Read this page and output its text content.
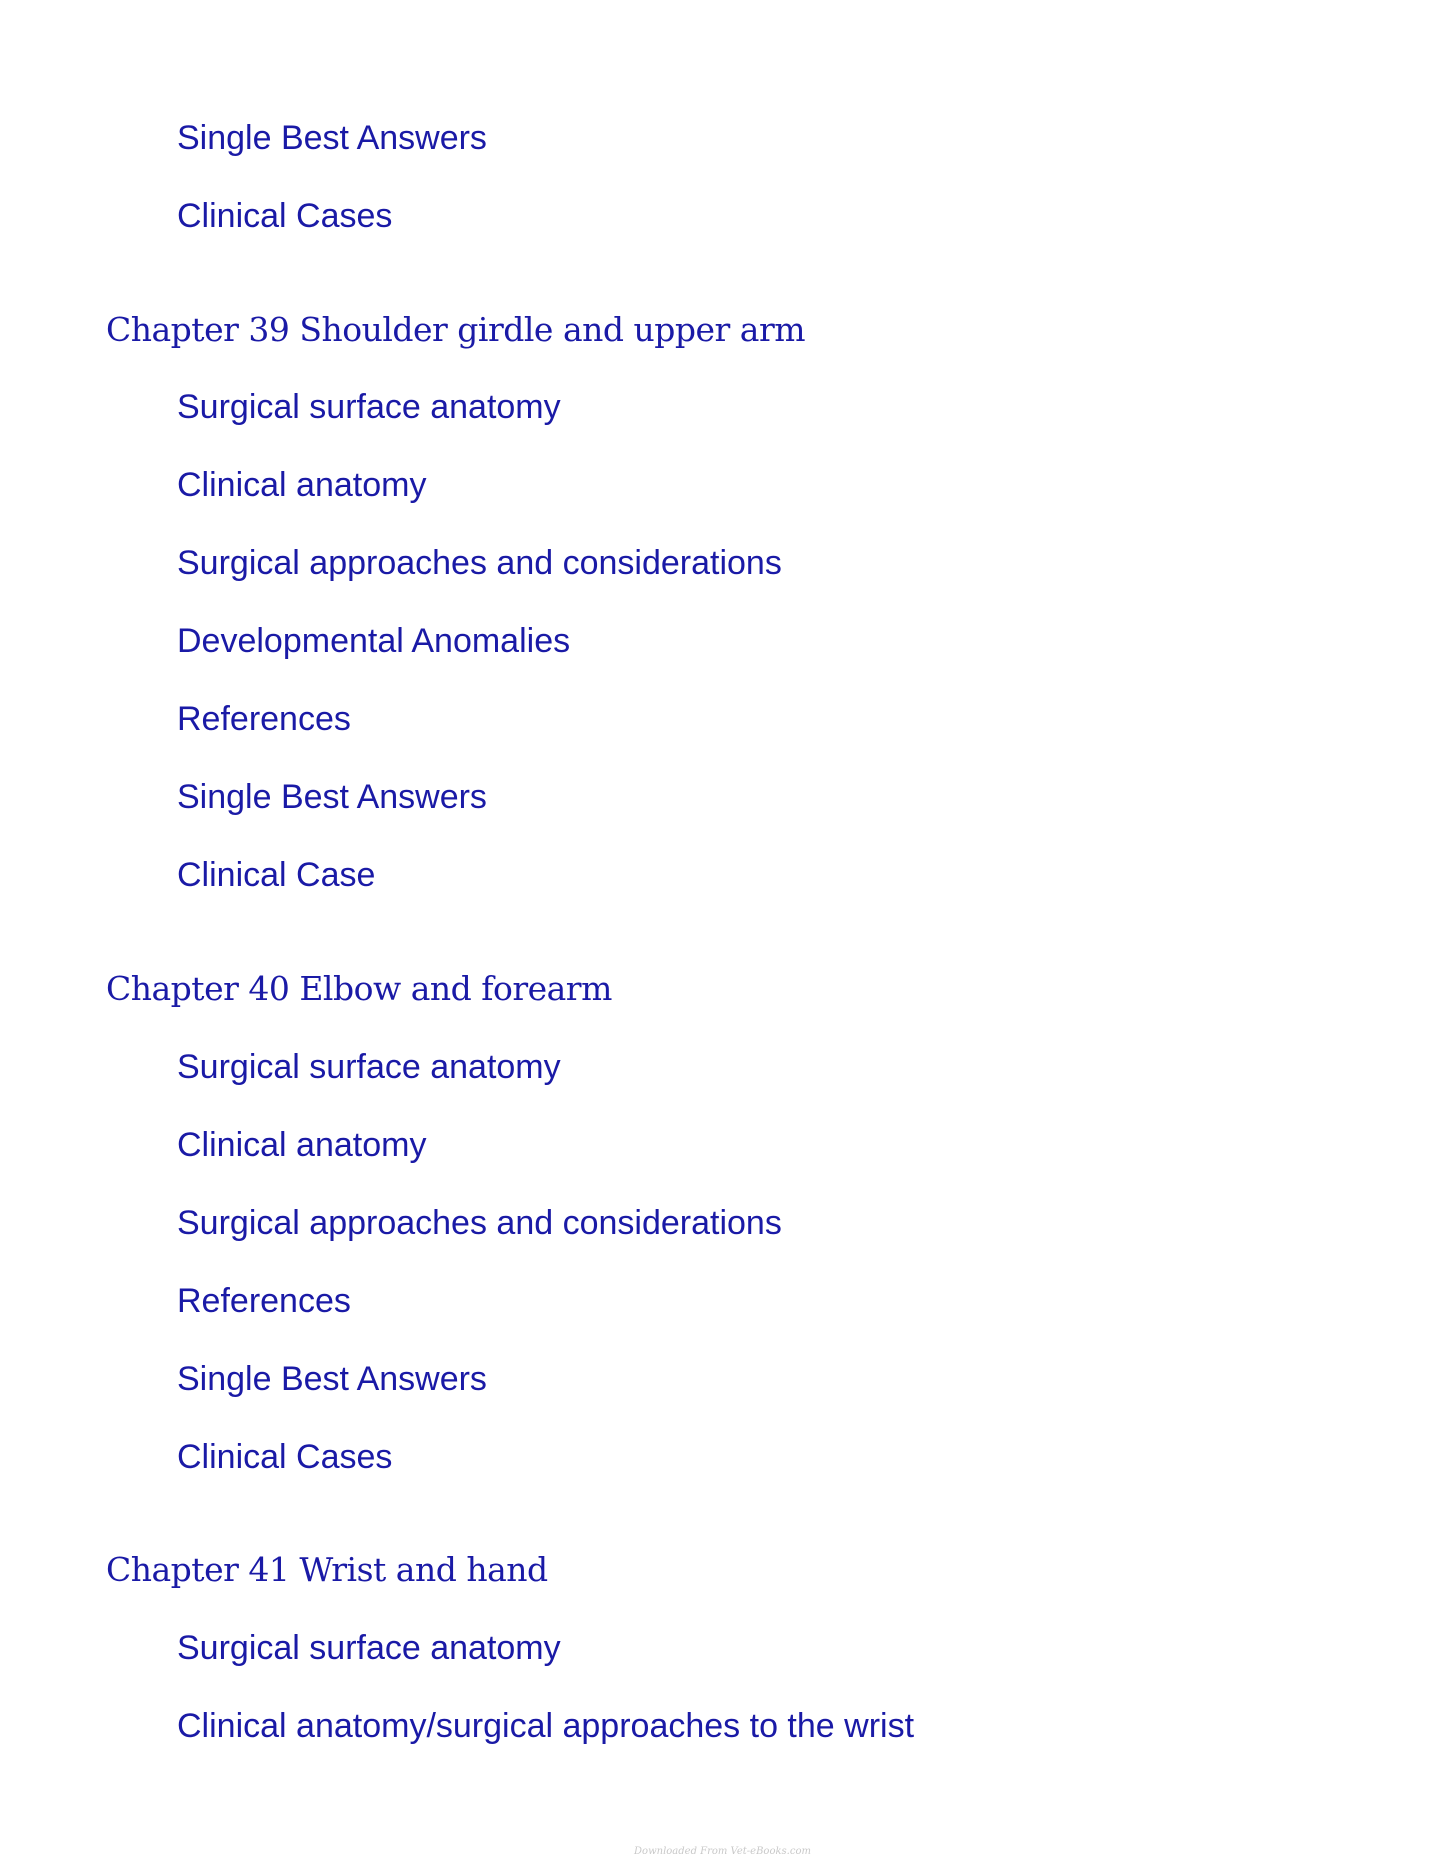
Single Best Answers
Clinical Cases
Chapter 39 Shoulder girdle and upper arm
Surgical surface anatomy
Clinical anatomy
Surgical approaches and considerations
Developmental Anomalies
References
Single Best Answers
Clinical Case
Chapter 40 Elbow and forearm
Surgical surface anatomy
Clinical anatomy
Surgical approaches and considerations
References
Single Best Answers
Clinical Cases
Chapter 41 Wrist and hand
Surgical surface anatomy
Clinical anatomy/surgical approaches to the wrist
Downloaded From Vet-eBooks.com
